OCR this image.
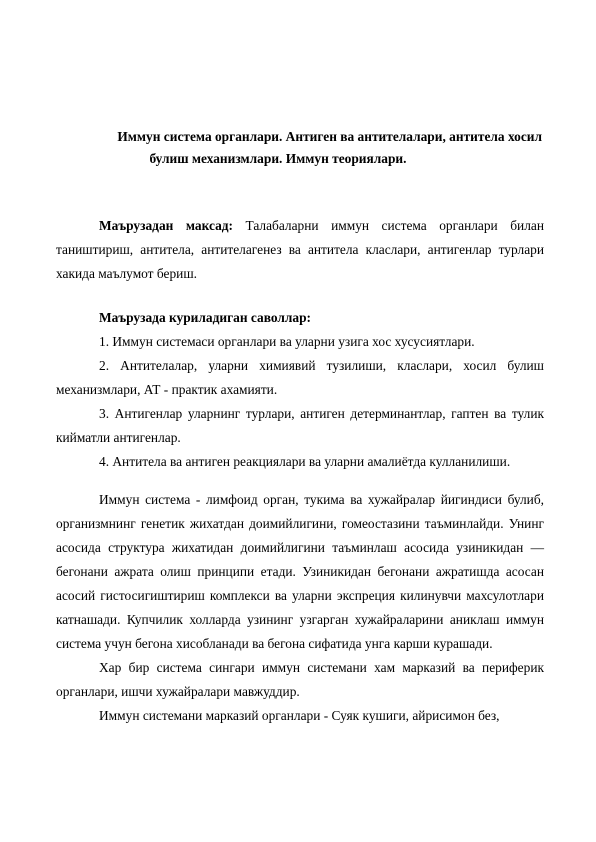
Иммун система органлари. Антиген ва антителалари, антитела хосил
булиш механизмлари. Иммун теориялари.

Маърузадан максад: Талабаларни иммун система органлари билан таништириш, антитела, антителагенез ва антитела класлари, антигенлар турлари хакида маълумот бериш.

Маърузада куриладиган саволлар:

1. Иммун системаси органлари ва уларни узига хос хусусиятлари.

2. Антителалар, уларни химиявий тузилиши, класлари, хосил булиш механизмлари, АТ - практик ахамияти.

3. Антигенлар уларнинг турлари, антиген детерминантлар, гаптен ва тулик кийматли антигенлар.

4. Антитела ва антиген реакциялари ва уларни амалиётда кулланилиши.

Иммун система - лимфоид орган, тукима ва хужайралар йигиндиси булиб, организмнинг генетик жихатдан доимийлигини, гомеостазини таъминлайди. Унинг асосида структура жихатидан доимийлигини таъминлаш асосида узиникидан — бегонани ажрата олиш принципи етади. Узиникидан бегонани ажратишда асосан асосий гистосигиштириш комплекси ва уларни экспреция килинувчи махсулотлари катнашади. Купчилик холларда узининг узгарган хужайраларини аниклаш иммун система учун бегона хисобланади ва бегона сифатида унга карши курашади.

Хар бир система сингари иммун системани хам марказий ва периферик органлари, ишчи хужайралари мавжуддир.

Иммун системани марказий органлари - Суяк кушиги, айрисимон без,
